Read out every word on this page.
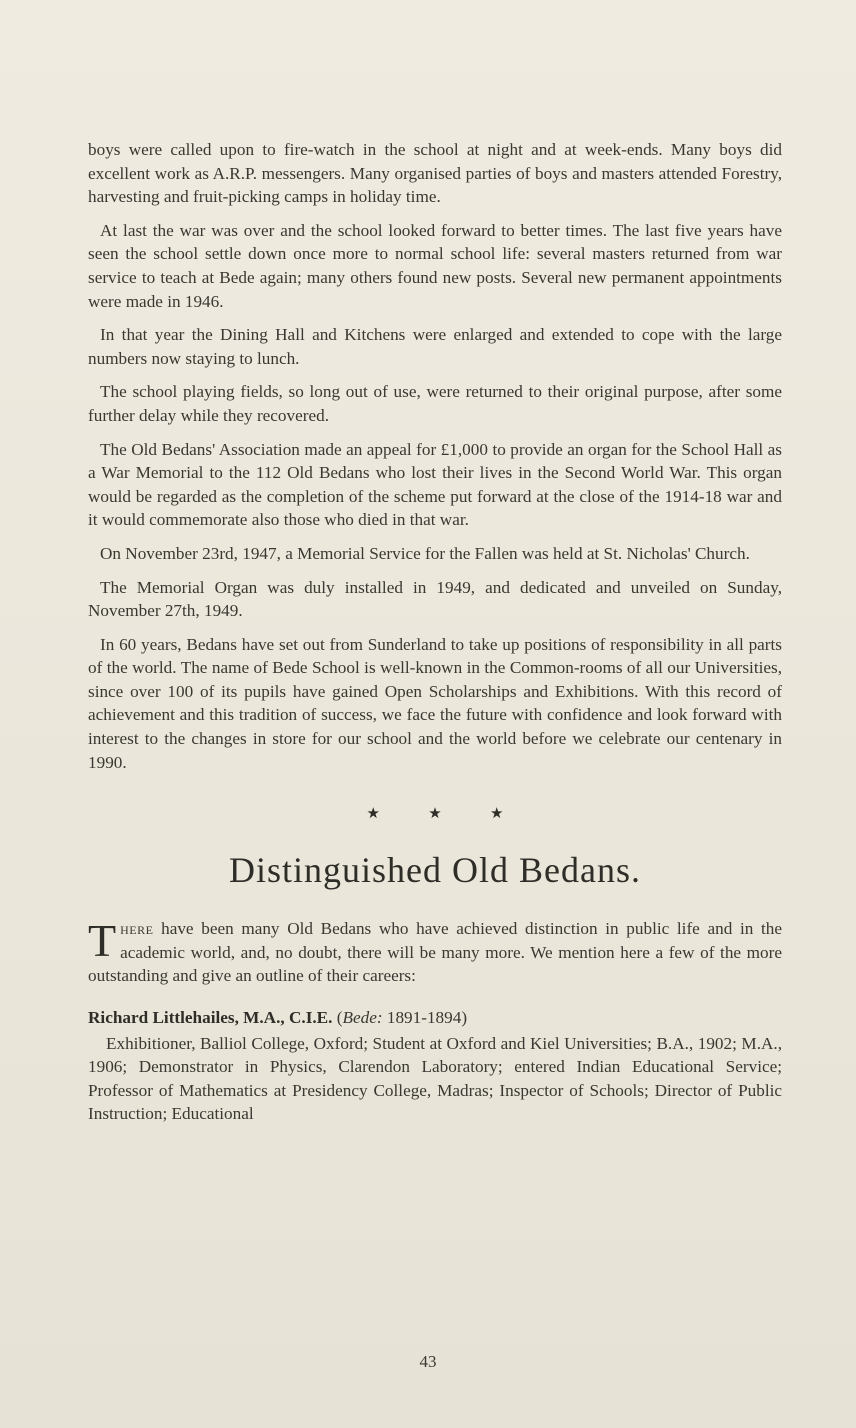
boys were called upon to fire-watch in the school at night and at week-ends. Many boys did excellent work as A.R.P. messengers. Many organised parties of boys and masters attended Forestry, harvesting and fruit-picking camps in holiday time.

At last the war was over and the school looked forward to better times. The last five years have seen the school settle down once more to normal school life: several masters returned from war service to teach at Bede again; many others found new posts. Several new permanent appointments were made in 1946.

In that year the Dining Hall and Kitchens were enlarged and extended to cope with the large numbers now staying to lunch.

The school playing fields, so long out of use, were returned to their original purpose, after some further delay while they recovered.

The Old Bedans' Association made an appeal for £1,000 to provide an organ for the School Hall as a War Memorial to the 112 Old Bedans who lost their lives in the Second World War. This organ would be regarded as the completion of the scheme put forward at the close of the 1914-18 war and it would commemorate also those who died in that war.

On November 23rd, 1947, a Memorial Service for the Fallen was held at St. Nicholas' Church.

The Memorial Organ was duly installed in 1949, and dedicated and unveiled on Sunday, November 27th, 1949.

In 60 years, Bedans have set out from Sunderland to take up positions of responsibility in all parts of the world. The name of Bede School is well-known in the Common-rooms of all our Universities, since over 100 of its pupils have gained Open Scholarships and Exhibitions. With this record of achievement and this tradition of success, we face the future with confidence and look forward with interest to the changes in store for our school and the world before we celebrate our centenary in 1990.

★	★	★
Distinguished Old Bedans.

There have been many Old Bedans who have achieved distinction in public life and in the academic world, and, no doubt, there will be many more. We mention here a few of the more outstanding and give an outline of their careers:

Richard Littlehailes, M.A., C.I.E. (Bede: 1891-1894)

Exhibitioner, Balliol College, Oxford; Student at Oxford and Kiel Universities; B.A., 1902; M.A., 1906; Demonstrator in Physics, Clarendon Laboratory; entered Indian Educational Service; Professor of Mathematics at Presidency College, Madras; Inspector of Schools; Director of Public Instruction; Educational

43
